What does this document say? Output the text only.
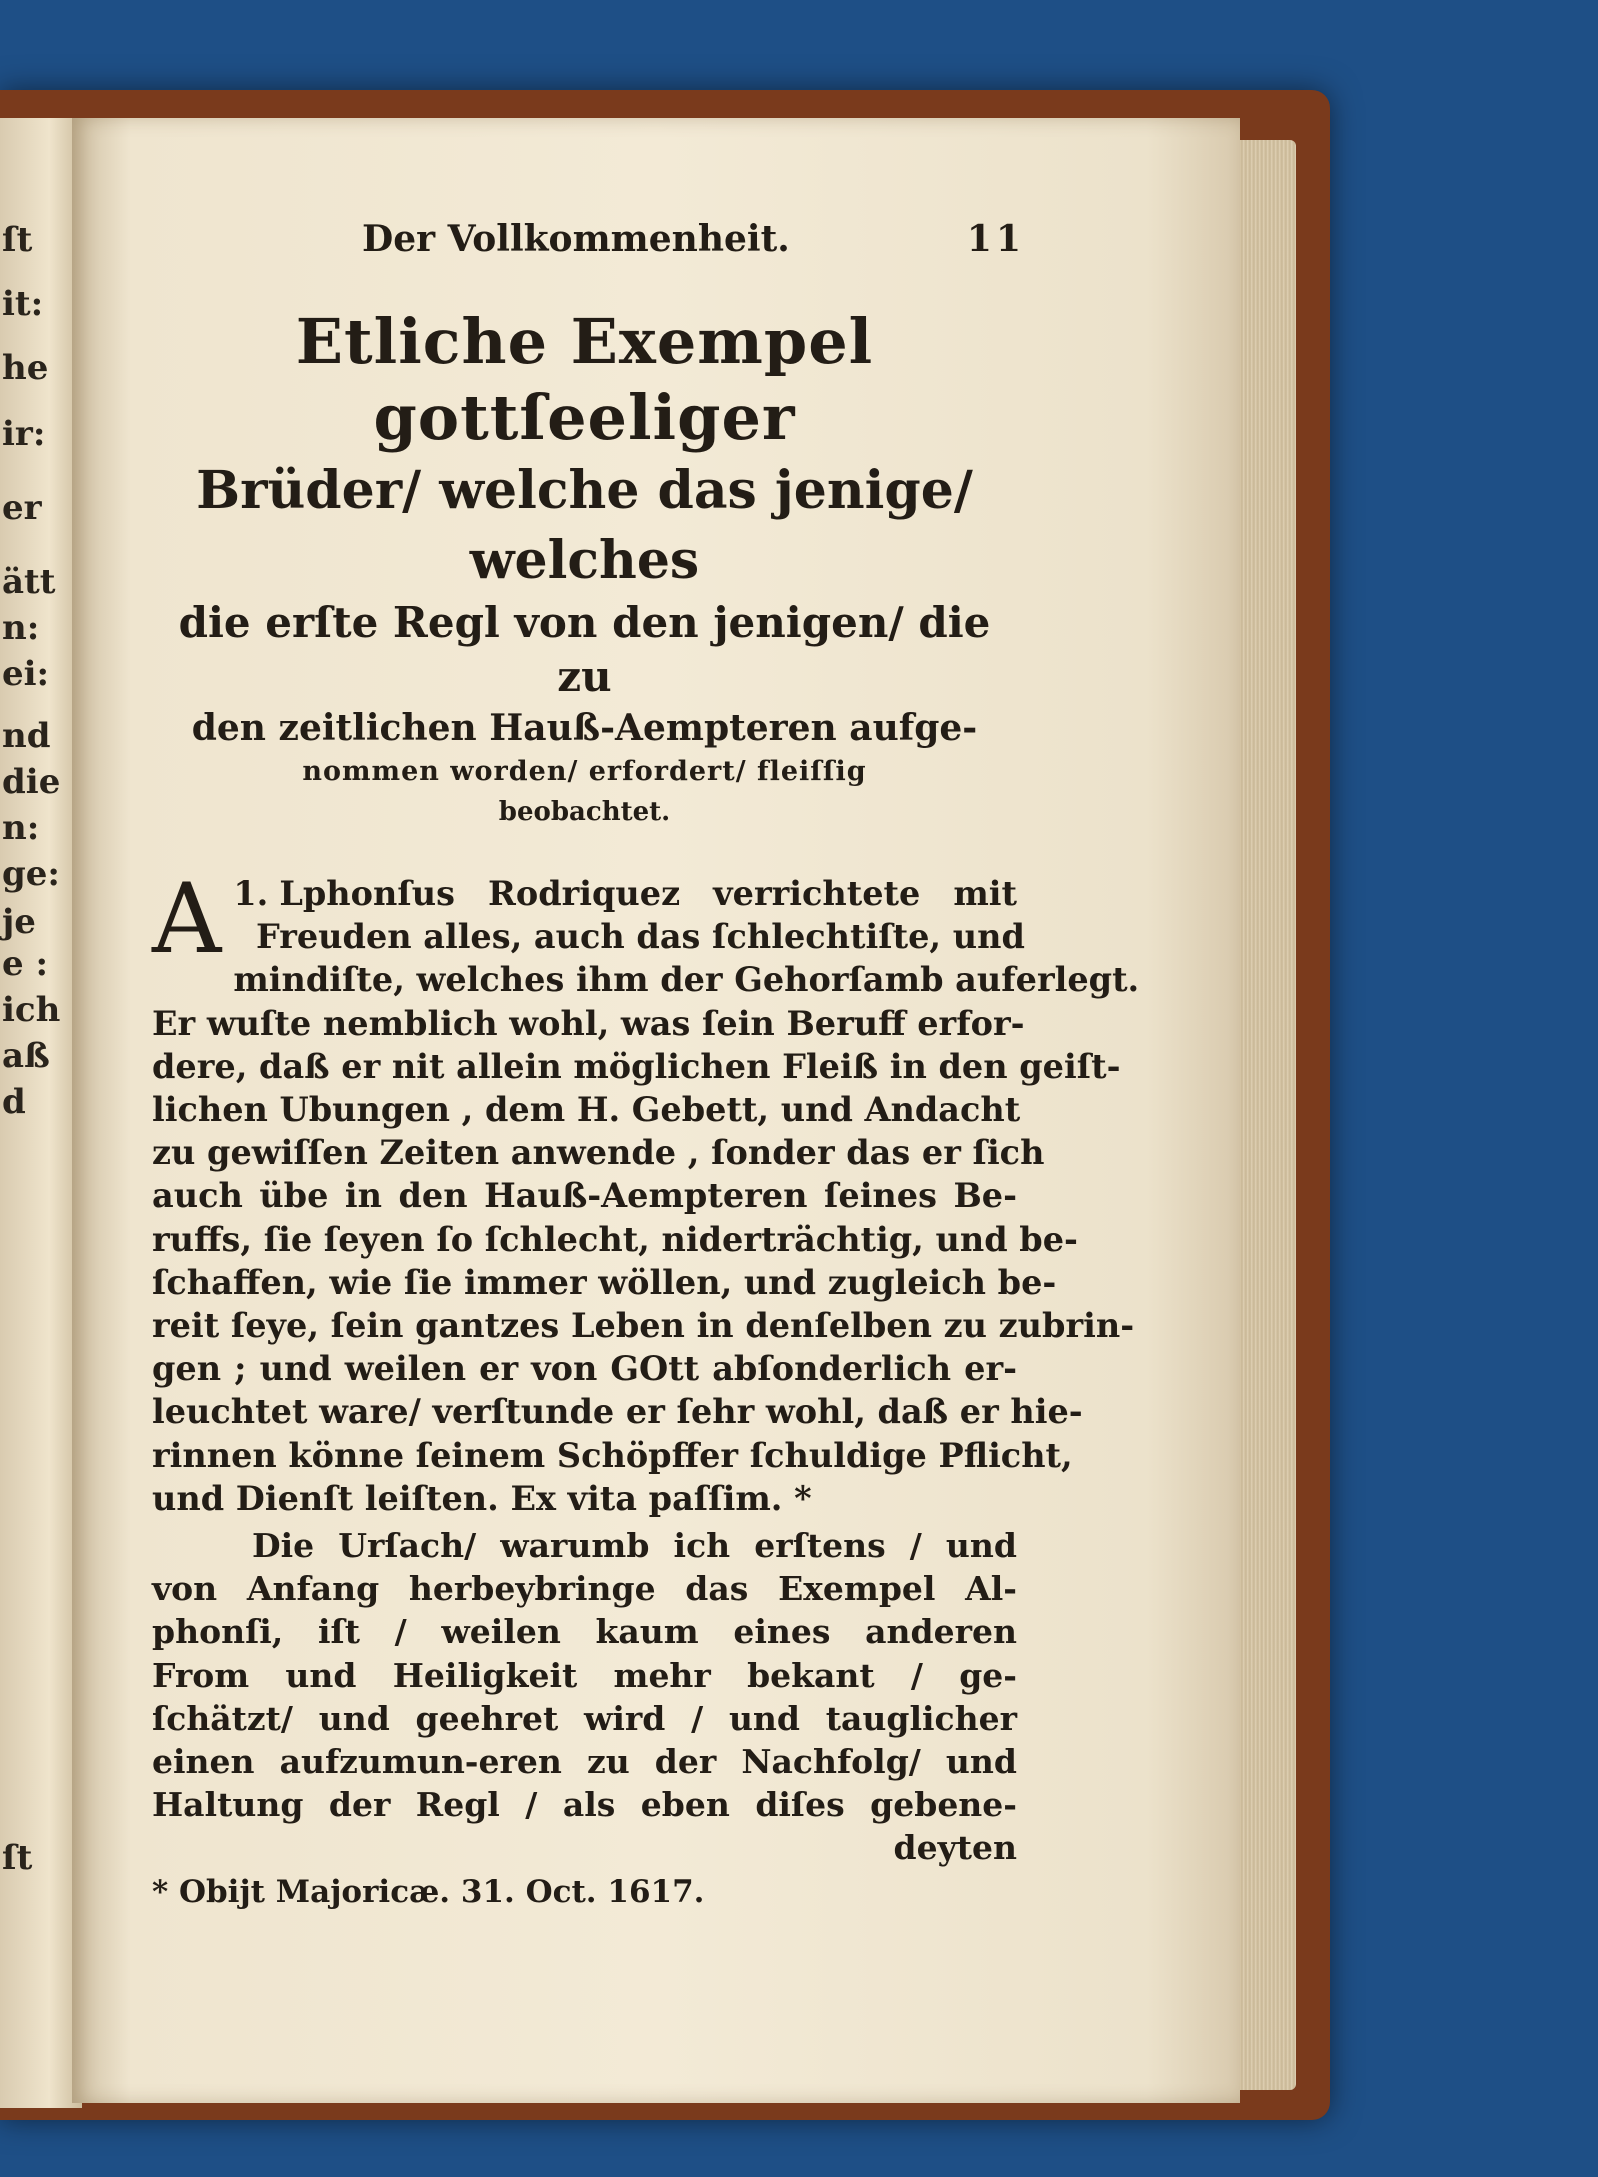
ſt
it:
he
ir:
er
ätt
n:
ei:
nd
die
n:
ge:
je
e :
ich
aß
d
ſt
Der Vollkommenheit.	11
Etliche Exempel gottſeeliger
Brüder/ welche das jenige/ welches
die erſte Regl von den jenigen/ die zu
den zeitlichen Hauß-Aempteren aufge-
nommen worden/ erfordert/ fleiſſig
beobachtet.
1.
A Lphonſus Rodriquez verrichtete mit
Freuden alles, auch das ſchlechtiſte, und
mindiſte, welches ihm der Gehorſamb auferlegt.
Er wuſte nemblich wohl, was ſein Beruff erfor-
dere, daß er nit allein möglichen Fleiß in den geiſt-
lichen Ubungen , dem H. Gebett, und Andacht
zu gewiſſen Zeiten anwende , ſonder das er ſich
auch übe in den Hauß-Aempteren ſeines Be-
ruffs, ſie ſeyen ſo ſchlecht, niderträchtig, und be-
ſchaffen, wie ſie immer wöllen, und zugleich be-
reit ſeye, ſein gantzes Leben in denſelben zu zubrin-
gen ; und weilen er von GOtt abſonderlich er-
leuchtet ware/ verſtunde er ſehr wohl, daß er hie-
rinnen könne ſeinem Schöpffer ſchuldige Pflicht,
und Dienſt leiſten. Ex vita paſſim. *
Die Urſach/ warumb ich erſtens / und
von Anfang herbeybringe das Exempel Al-
phonſi, iſt / weilen kaum eines anderen
From und Heiligkeit mehr bekant / ge-
ſchätzt/ und geehret wird / und tauglicher
einen aufzumun-eren zu der Nachfolg/ und
Haltung der Regl / als eben diſes gebene-
deyten
* Obijt Majoricæ. 31. Oct. 1617.
